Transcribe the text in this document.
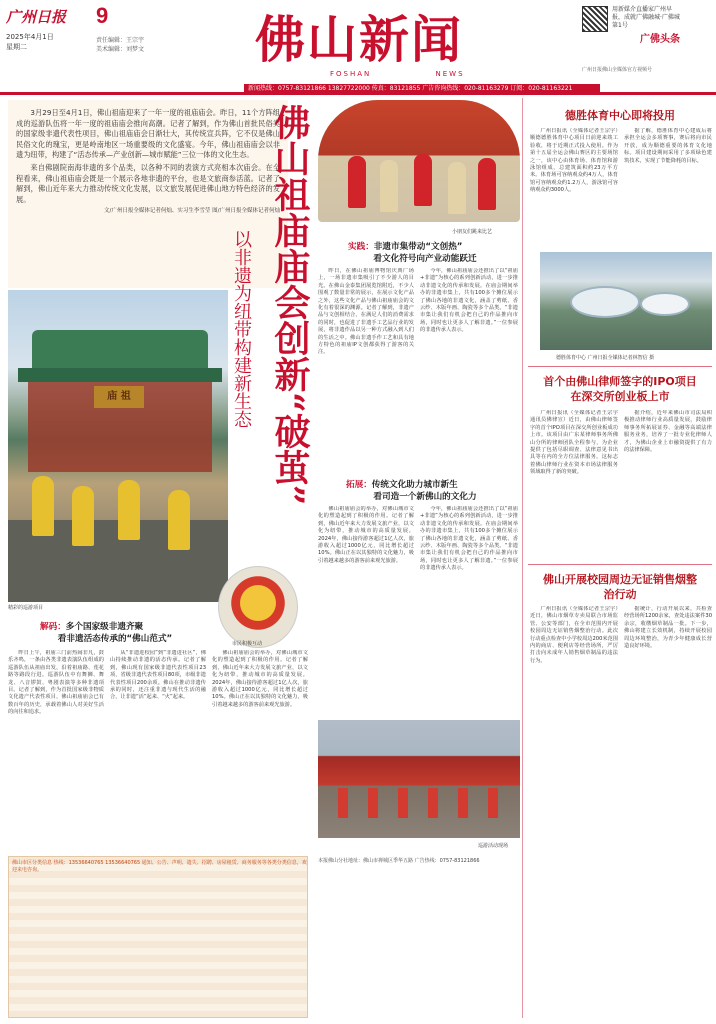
广州日报 9
2025年4月1日
星期二
责任编辑：王宗宇
美术编辑：刘梦文 佛山新闻
FOSHAN	NEWS
用新媒介直播家广州早报，成就广佛融城·广佛城第1号
广佛头条
广州日报佛山全媒体官方视频号
新闻热线：0757-83121866 13827722000 传真：83121855 广告咨询热线：020-81163279 订阅：020-81163221

3月29日至4月1日，佛山祖庙迎来了一年一度的祖庙庙会。昨日，11个方阵组成的巡游队伍将一年一度的祖庙庙会推向高潮。记者了解到，作为佛山首批民俗类的国家级非遗代表性项目，佛山祖庙庙会日渐壮大，其传统宣兵阵，它不仅是佛山民俗文化的瑰宝，更是岭南地区一场重要级的文化盛宴。今年，佛山祖庙庙会以非遗为纽带，构建了“活态传承—产业创新—城市赋能”三位一体的文化生态。

来自佛剧院南海非遗的多个品类，以各种不同的表演方式亮相本次庙会。在全程看来，佛山祖庙庙会既是一个展示各地非遗的平台，也是文旅商参活蓝。记者了解到，佛山近年来大力推动传统文化发展，以文旅发展促进佛山地方特色经济的发展。

文/广州日报全媒体记者何灿、实习生李雪莹 图/广州日报全媒体记者何灿

佛山祖庙庙会创新“破茧”
以非遗为纽带构建新生态
庙 祖
精彩的巡游项目
市民积极互动
小朋友们跳来比艺
实践：非遗市集带动“文创热”
看文化符号向产业动能跃迁
昨日，在佛山祖庙博物馆庆典广场上，一场非遗市集吸引了不少游人的目光。在佛山金泰集团展览馆附近，不少人围观了数量非常的展示，在展示文化产品之外，这些文化产品与佛山祖庙庙会的文化有着很深的渊源。记者了解到，非遗产品与文创相结合，在满足人们的消费需求的同时，也促进了非遗手工艺品行业的发展，将非遗作品以另一种方式融入到人们的生活之中。佛山非遗手作工艺和具有地方特色的祖庙IP文创都获得了游客的关注。
今年，佛山祖庙庙会还推出了以“祖庙+非遗”为核心的系列创新活动，进一步推动非遗文化的传承和发展。在庙会期间举办的非遗市集上，共有100多个摊位展示了佛山各地的非遗文化，涵盖了剪纸、香云纱、木版年画、陶瓷等多个品类。“非遗市集让我们有机会把自己的作品推向市场，同时也让更多人了解非遗。”一位参展的非遗传承人表示。
拓展：传统文化助力城市新生
看司造一个新佛山的文化力
佛山祖庙庙会的举办，对佛山城市文化的塑造起到了积极的作用。记者了解到，佛山近年来大力发展文旅产业，以文化为纽带，推动城市的高质量发展。2024年，佛山接待游客超过1亿人次，旅游收入超过1000亿元，同比增长超过10%。佛山正在以其独特的文化魅力，吸引着越来越多的游客前来观光旅游。
今年，佛山祖庙庙会还推出了以“祖庙+非遗”为核心的系列创新活动，进一步推动非遗文化的传承和发展。在庙会期间举办的非遗市集上，共有100多个摊位展示了佛山各地的非遗文化，涵盖了剪纸、香云纱、木版年画、陶瓷等多个品类。“非遗市集让我们有机会把自己的作品推向市场，同时也让更多人了解非遗。”一位参展的非遗传承人表示。
巡游活动现场
解码：多个国家级非遗齐聚
看非遗活态传承的“佛山范式”
昨日上午，祖庙三门前热闹非凡，鼓乐齐鸣，一条由各类非遗表演队伍组成的巡游队伍从祖庙出发，沿着祖庙路、莲花路等路段行进。巡游队伍中有舞狮、舞龙、八音锣鼓、粤剧表演等多种非遗项目。记者了解到，作为首批国家级非物质文化遗产代表性项目，佛山祖庙庙会已有数百年的历史，承载着佛山人对美好生活的向往和追求。
从“非遗进校园”到“非遗进社区”，佛山持续推动非遗的活态传承。记者了解到，佛山现有国家级非遗代表性项目23项，省级非遗代表性项目80项，市级非遗代表性项目200余项。佛山在推动非遗传承的同时，还注重非遗与现代生活的融合，让非遗“活”起来、“火”起来。
佛山祖庙庙会的举办，对佛山城市文化的塑造起到了积极的作用。记者了解到，佛山近年来大力发展文旅产业，以文化为纽带，推动城市的高质量发展。2024年，佛山接待游客超过1亿人次，旅游收入超过1000亿元，同比增长超过10%。佛山正在以其独特的文化魅力，吸引着越来越多的游客前来观光旅游。
佛山市区分类信息 热线：13536640765 13536640765 通知、公告、声明、遗失、招聘、房屋租赁、商务服务等各类分类信息，欢迎来电咨询。
本报佛山分社地址：佛山市禅城区季华五路 广告热线：0757-83121866
德胜体育中心即将投用
广州日报讯（全媒体记者王宗宇）顺德德胜体育中心项目日前迎来竣工验收，将于近期正式投入使用。作为第十五届全运会佛山赛区的主要场馆之一，该中心由体育场、体育馆和游泳馆组成，总建筑面积约23万平方米。体育场可容纳观众约4万人，体育馆可容纳观众约1.2万人，游泳馆可容纳观众约3000人。
据了解，德胜体育中心建成后将承担全运会多项赛事，赛后将向市民开放，成为顺德重要的体育文化地标。项目建设期间采用了多项绿色建筑技术，实现了节能降耗的目标。
德胜体育中心 广州日报全媒体记者林智信 摄
首个由佛山律师签字的IPO项目在深交所创业板上市
广州日报讯（全媒体记者王宗宇 通讯员佛律宣）近日，由佛山律师签字的首个IPO项目在深交所创业板成功上市。该项目由广东某律师事务所佛山分所的律师团队全程参与，为企业提供了包括尽职调查、法律意见书出具等在内的全方位法律服务。这标志着佛山律师行业在资本市场法律服务领域取得了新的突破。
据介绍，近年来佛山市司法局积极推动律师行业高质量发展，鼓励律师事务所拓展证券、金融等高端法律服务业务，培养了一批专业化律师人才，为佛山企业上市融资提供了有力的法律保障。
佛山开展校园周边无证销售烟整治行动
广州日报讯（全媒体记者王宗宇）近日，佛山市烟草专卖局联合市场监管、公安等部门，在全市范围内开展校园周边无证销售烟整治行动。此次行动重点检查中小学校周边200米范围内的商店、便利店等经营场所，严厉打击向未成年人销售烟草制品的违法行为。
据统计，行动开展以来，共检查经营场所1200余家，查处违法案件30余宗，收缴烟草制品一批。下一步，佛山将建立长效机制，持续开展校园周边环境整治，为青少年健康成长营造良好环境。
